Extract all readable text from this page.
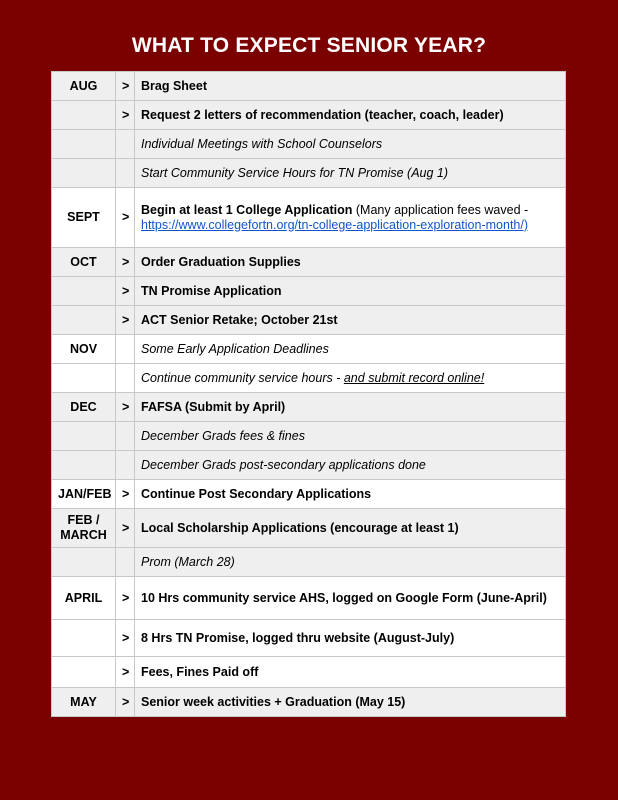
WHAT TO EXPECT SENIOR YEAR?
AUG	>	Brag Sheet
	>	Request 2 letters of recommendation (teacher, coach, leader)
		Individual Meetings with School Counselors
		Start Community Service Hours for TN Promise (Aug 1)
SEPT	>	Begin at least 1 College Application (Many application fees waved - https://www.collegefortn.org/tn-college-application-exploration-month/)
OCT	>	Order Graduation Supplies
	>	TN Promise Application
	>	ACT Senior Retake; October 21st
NOV		Some Early Application Deadlines
		Continue community service hours - and submit record online!
DEC	>	FAFSA (Submit by April)
		December Grads fees & fines
		December Grads post-secondary applications done
JAN/FEB	>	Continue Post Secondary Applications

FEB /
MARCH	>	Local Scholarship Applications (encourage at least 1)
		Prom (March 28)
APRIL	>	10 Hrs community service AHS, logged on Google Form (June-April)
	>	8 Hrs TN Promise, logged thru website (August-July)
	>	Fees, Fines Paid off
MAY	>	Senior week activities + Graduation (May 15)
